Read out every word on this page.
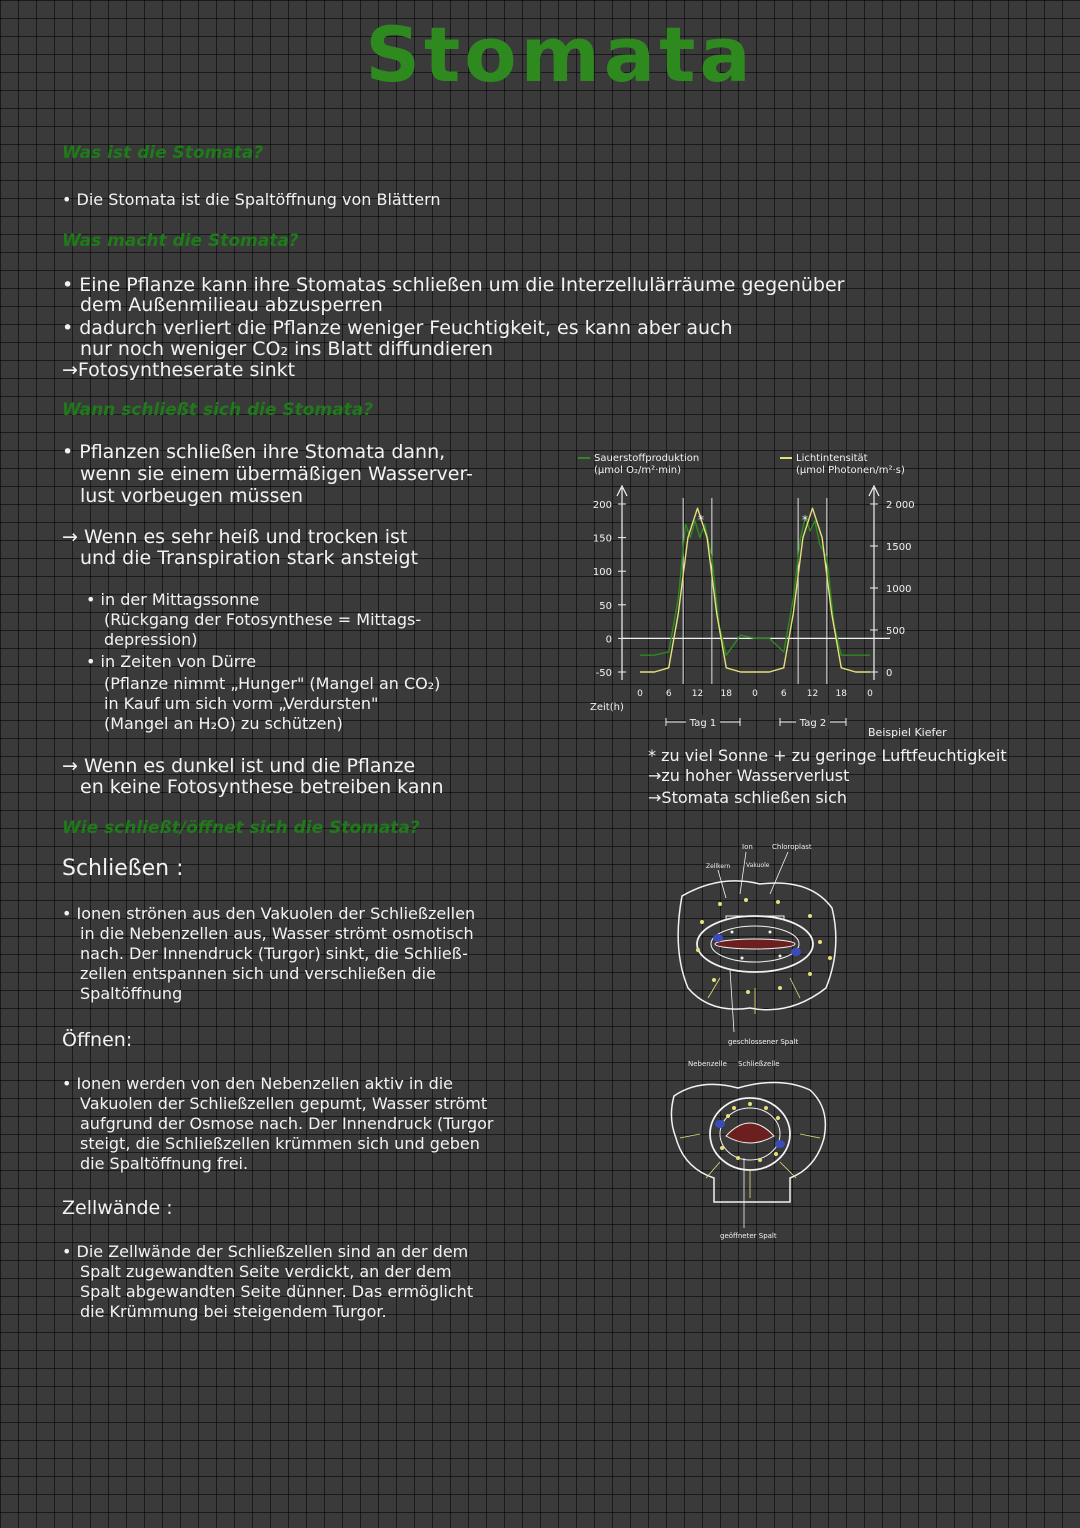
Stomata
Was ist die Stomata?
• Die Stomata ist die Spaltöffnung von Blättern
Was macht die Stomata?
• Eine Pflanze kann ihre Stomatas schließen um die Interzellulärräume gegenüber
dem Außenmilieau abzusperren
• dadurch verliert die Pflanze weniger Feuchtigkeit, es kann aber auch
nur noch weniger CO₂ ins Blatt diffundieren
→Fotosyntheserate sinkt
Wann schließt sich die Stomata?
• Pflanzen schließen ihre Stomata dann,
wenn sie einem übermäßigen Wasserver-
lust vorbeugen müssen
→ Wenn es sehr heiß und trocken ist
und die Transpiration stark ansteigt
• in der Mittagssonne
(Rückgang der Fotosynthese = Mittags-
depression)
• in Zeiten von Dürre
(Pflanze nimmt „Hunger" (Mangel an CO₂)
in Kauf um sich vorm „Verdursten"
(Mangel an H₂O) zu schützen)
→ Wenn es dunkel ist und die Pflanze
en keine Fotosynthese betreiben kann
Wie schließt/öffnet sich die Stomata?
Schließen :
• Ionen strönen aus den Vakuolen der Schließzellen
in die Nebenzellen aus, Wasser strömt osmotisch
nach. Der Innendruck (Turgor) sinkt, die Schließ-
zellen entspannen sich und verschließen die
Spaltöffnung
Öffnen:
• Ionen werden von den Nebenzellen aktiv in die
Vakuolen der Schließzellen gepumt, Wasser strömt
aufgrund der Osmose nach. Der Innendruck (Turgor
steigt, die Schließzellen krümmen sich und geben
die Spaltöffnung frei.
Zellwände :
• Die Zellwände der Schließzellen sind an der dem
Spalt zugewandten Seite verdickt, an der dem
Spalt abgewandten Seite dünner. Das ermöglicht
die Krümmung bei steigendem Turgor.
Sauerstoffproduktion
(µmol O₂/m²·min)
Lichtintensität
(µmol Photonen/m²·s)
200
150
100
50
0
-50
2 000
1500
1000
500
0
0	6 12 18 0	6 12 18 0
Zeit(h)
*	*
Tag 1	Tag 2
Beispiel Kiefer
* zu viel Sonne + zu geringe Luftfeuchtigkeit
→zu hoher Wasserverlust
→Stomata schließen sich
Ion	Chloroplast
Zellkern	Vakuole
geschlossener Spalt
Nebenzelle Schließzelle
geöffneter Spalt
